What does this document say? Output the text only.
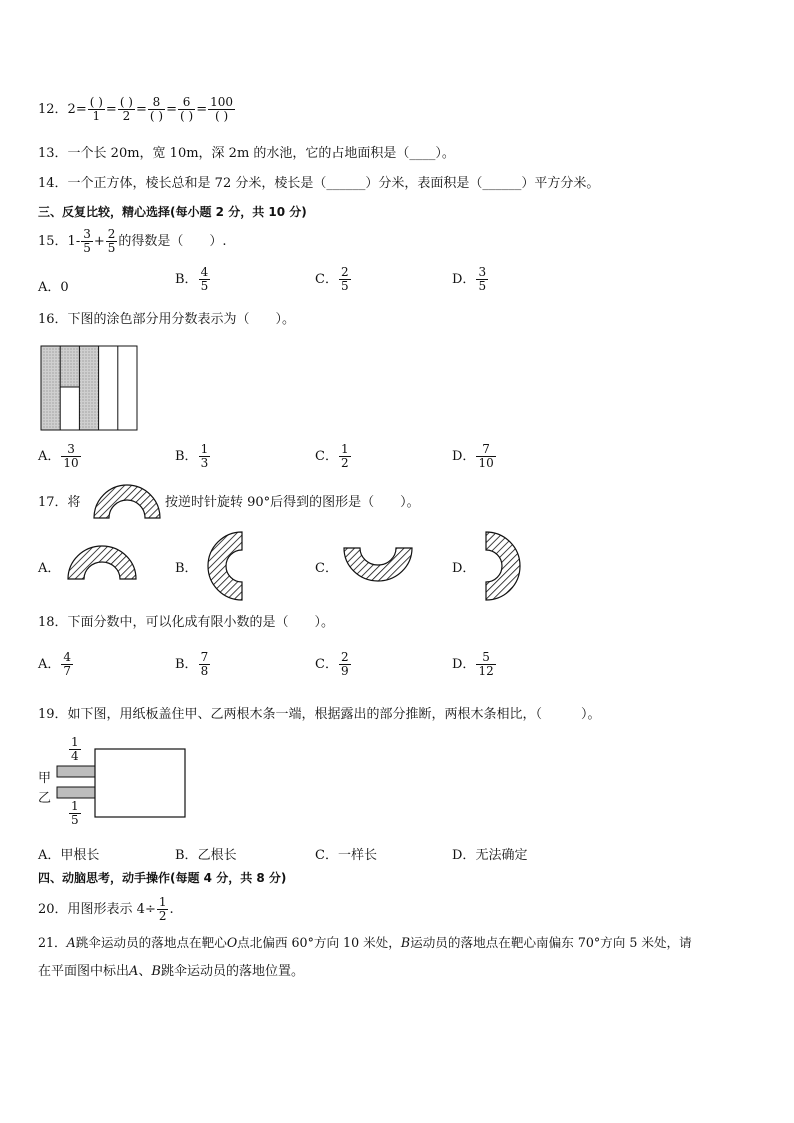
12．$2= \frac{( )}{1} = \frac{( )}{2} = \frac{8}{( )} = \frac{6}{( )} = \frac{100}{( )}$
13．一个长 20m，宽 10m，深 2m 的水池，它的占地面积是（____）。
14．一个正方体，棱长总和是 72 分米，棱长是（______）分米，表面积是（______）平方分米。
三、反复比较，精心选择(每小题 2 分，共 10 分)
15．$1- \frac{3}{5} + \frac{2}{5}$ 的得数是（　　）.
A．0
B． $\frac{4}{5}$	C． $\frac{2}{5}$	D． $\frac{3}{5}$
16．下图的涂色部分用分数表示为（　　）。
A． $\frac{3}{10}$	B． $\frac{1}{3}$	C． $\frac{1}{2}$	D． $\frac{7}{10}$
17．将	按逆时针旋转 90°后得到的图形是（　　）。
A．	B．	C．	D．
18．下面分数中，可以化成有限小数的是（　　）。
A． $\frac{4}{7}$	B． $\frac{7}{8}$	C． $\frac{2}{9}$	D． $\frac{5}{12}$
19．如下图，用纸板盖住甲、乙两根木条一端，根据露出的部分推断，两根木条相比，（　　　）。
$\frac{1}{4}$
甲
乙
$\frac{1}{5}$
A．甲根长	B．乙根长	C．一样长	D．无法确定
四、动脑思考，动手操作(每题 4 分，共 8 分)
20．用图形表示 $4\div \frac{1}{2}$ .
21．𝐴跳伞运动员的落地点在靶心𝑂点北偏西 60°方向 10 米处，𝐵运动员的落地点在靶心南偏东 70°方向 5 米处，请
在平面图中标出𝐴、𝐵跳伞运动员的落地位置。
